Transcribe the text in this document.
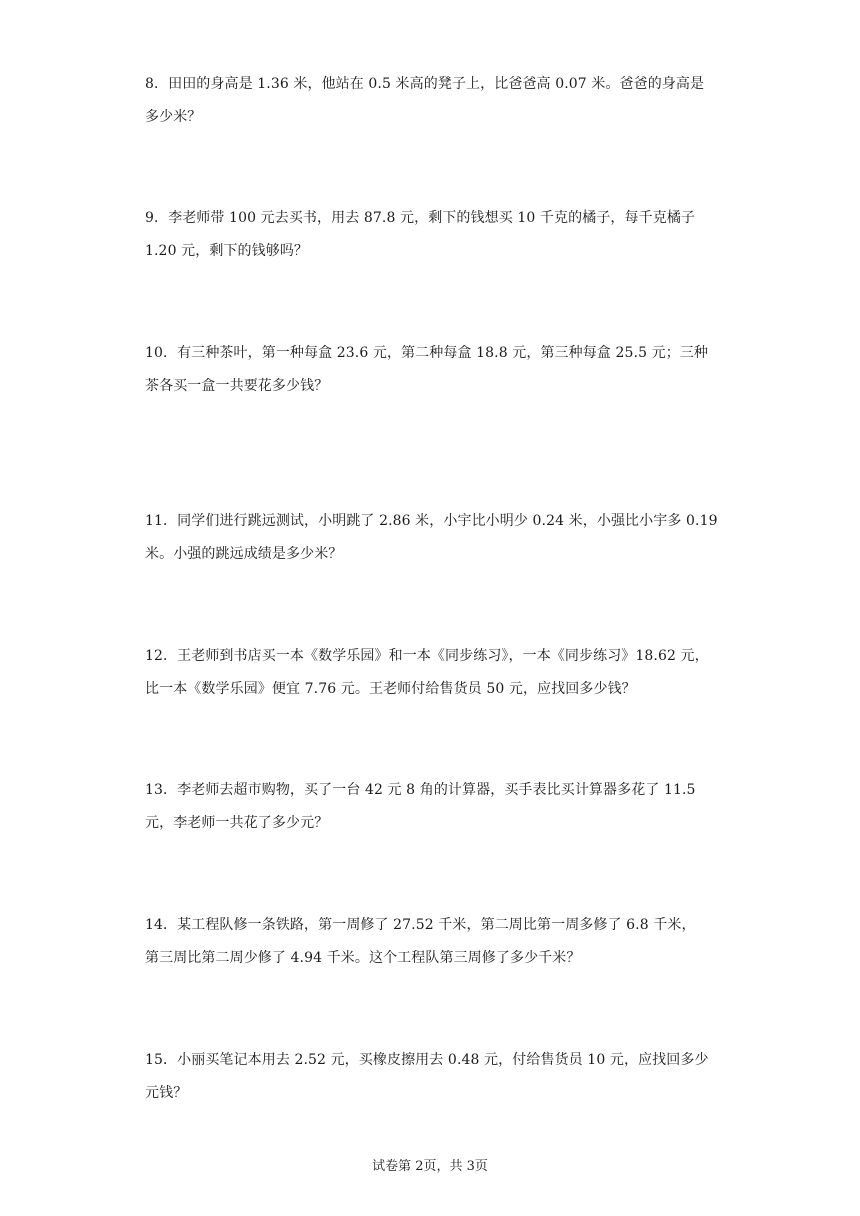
8．田田的身高是 1.36 米，他站在 0.5 米高的凳子上，比爸爸高 0.07 米。爸爸的身高是

多少米？

9．李老师带 100 元去买书，用去 87.8 元，剩下的钱想买 10 千克的橘子，每千克橘子

1.20 元，剩下的钱够吗？

10．有三种茶叶，第一种每盒 23.6 元，第二种每盒 18.8 元，第三种每盒 25.5 元；三种

茶各买一盒一共要花多少钱？

11．同学们进行跳远测试，小明跳了 2.86 米，小宇比小明少 0.24 米，小强比小宇多 0.19

米。小强的跳远成绩是多少米？

12．王老师到书店买一本《数学乐园》和一本《同步练习》，一本《同步练习》18.62 元，

比一本《数学乐园》便宜 7.76 元。王老师付给售货员 50 元，应找回多少钱？

13．李老师去超市购物，买了一台 42 元 8 角的计算器，买手表比买计算器多花了 11.5

元，李老师一共花了多少元？

14．某工程队修一条铁路，第一周修了 27.52 千米，第二周比第一周多修了 6.8 千米，

第三周比第二周少修了 4.94 千米。这个工程队第三周修了多少千米？

15．小丽买笔记本用去 2.52 元，买橡皮擦用去 0.48 元，付给售货员 10 元，应找回多少

元钱？

试卷第 2页，共 3页
